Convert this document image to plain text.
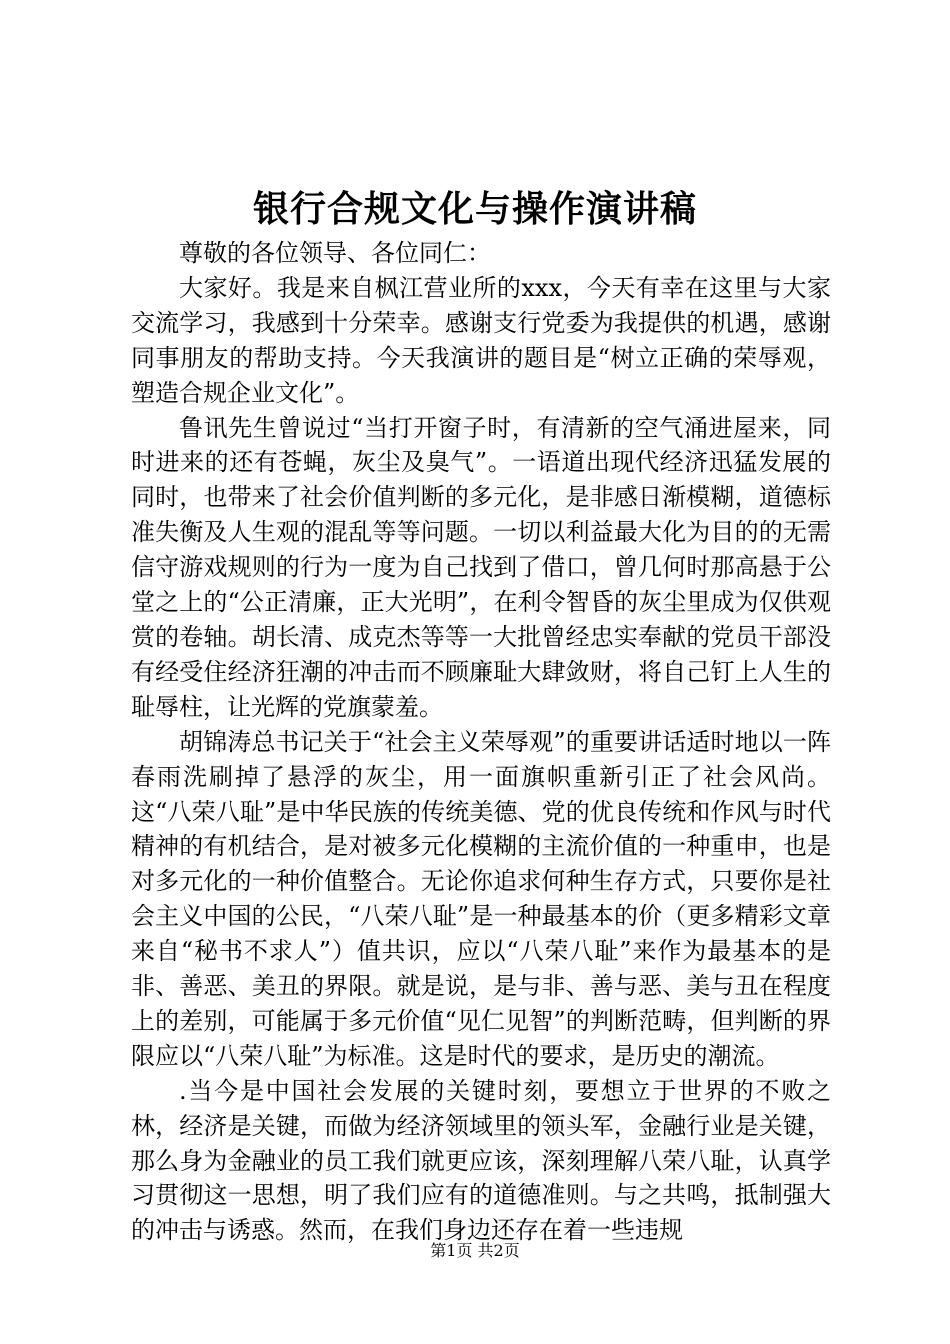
银行合规文化与操作演讲稿

尊敬的各位领导、各位同仁：

大家好。我是来自枫江营业所的xxx，今天有幸在这里与大家交流学习，我感到十分荣幸。感谢支行党委为我提供的机遇，感谢同事朋友的帮助支持。今天我演讲的题目是“树立正确的荣辱观，塑造合规企业文化”。

鲁讯先生曾说过“当打开窗子时，有清新的空气涌进屋来，同时进来的还有苍蝇，灰尘及臭气”。一语道出现代经济迅猛发展的同时，也带来了社会价值判断的多元化，是非感日渐模糊，道德标准失衡及人生观的混乱等等问题。一切以利益最大化为目的的无需信守游戏规则的行为一度为自己找到了借口，曾几何时那高悬于公堂之上的“公正清廉，正大光明”，在利令智昏的灰尘里成为仅供观赏的卷轴。胡长清、成克杰等等一大批曾经忠实奉献的党员干部没有经受住经济狂潮的冲击而不顾廉耻大肆敛财，将自己钉上人生的耻辱柱，让光辉的党旗蒙羞。

胡锦涛总书记关于“社会主义荣辱观”的重要讲话适时地以一阵春雨洗刷掉了悬浮的灰尘，用一面旗帜重新引正了社会风尚。这“八荣八耻”是中华民族的传统美德、党的优良传统和作风与时代精神的有机结合，是对被多元化模糊的主流价值的一种重申，也是对多元化的一种价值整合。无论你追求何种生存方式，只要你是社会主义中国的公民，“八荣八耻”是一种最基本的价（更多精彩文章来自“秘书不求人”）值共识，应以“八荣八耻”来作为最基本的是非、善恶、美丑的界限。就是说，是与非、善与恶、美与丑在程度上的差别，可能属于多元价值“见仁见智”的判断范畴，但判断的界限应以“八荣八耻”为标准。这是时代的要求，是历史的潮流。

.当今是中国社会发展的关键时刻，要想立于世界的不败之林，经济是关键，而做为经济领域里的领头军，金融行业是关键，那么身为金融业的员工我们就更应该，深刻理解八荣八耻，认真学习贯彻这一思想，明了我们应有的道德准则。与之共鸣，抵制强大的冲击与诱惑。然而，在我们身边还存在着一些违规

第1页 共2页
